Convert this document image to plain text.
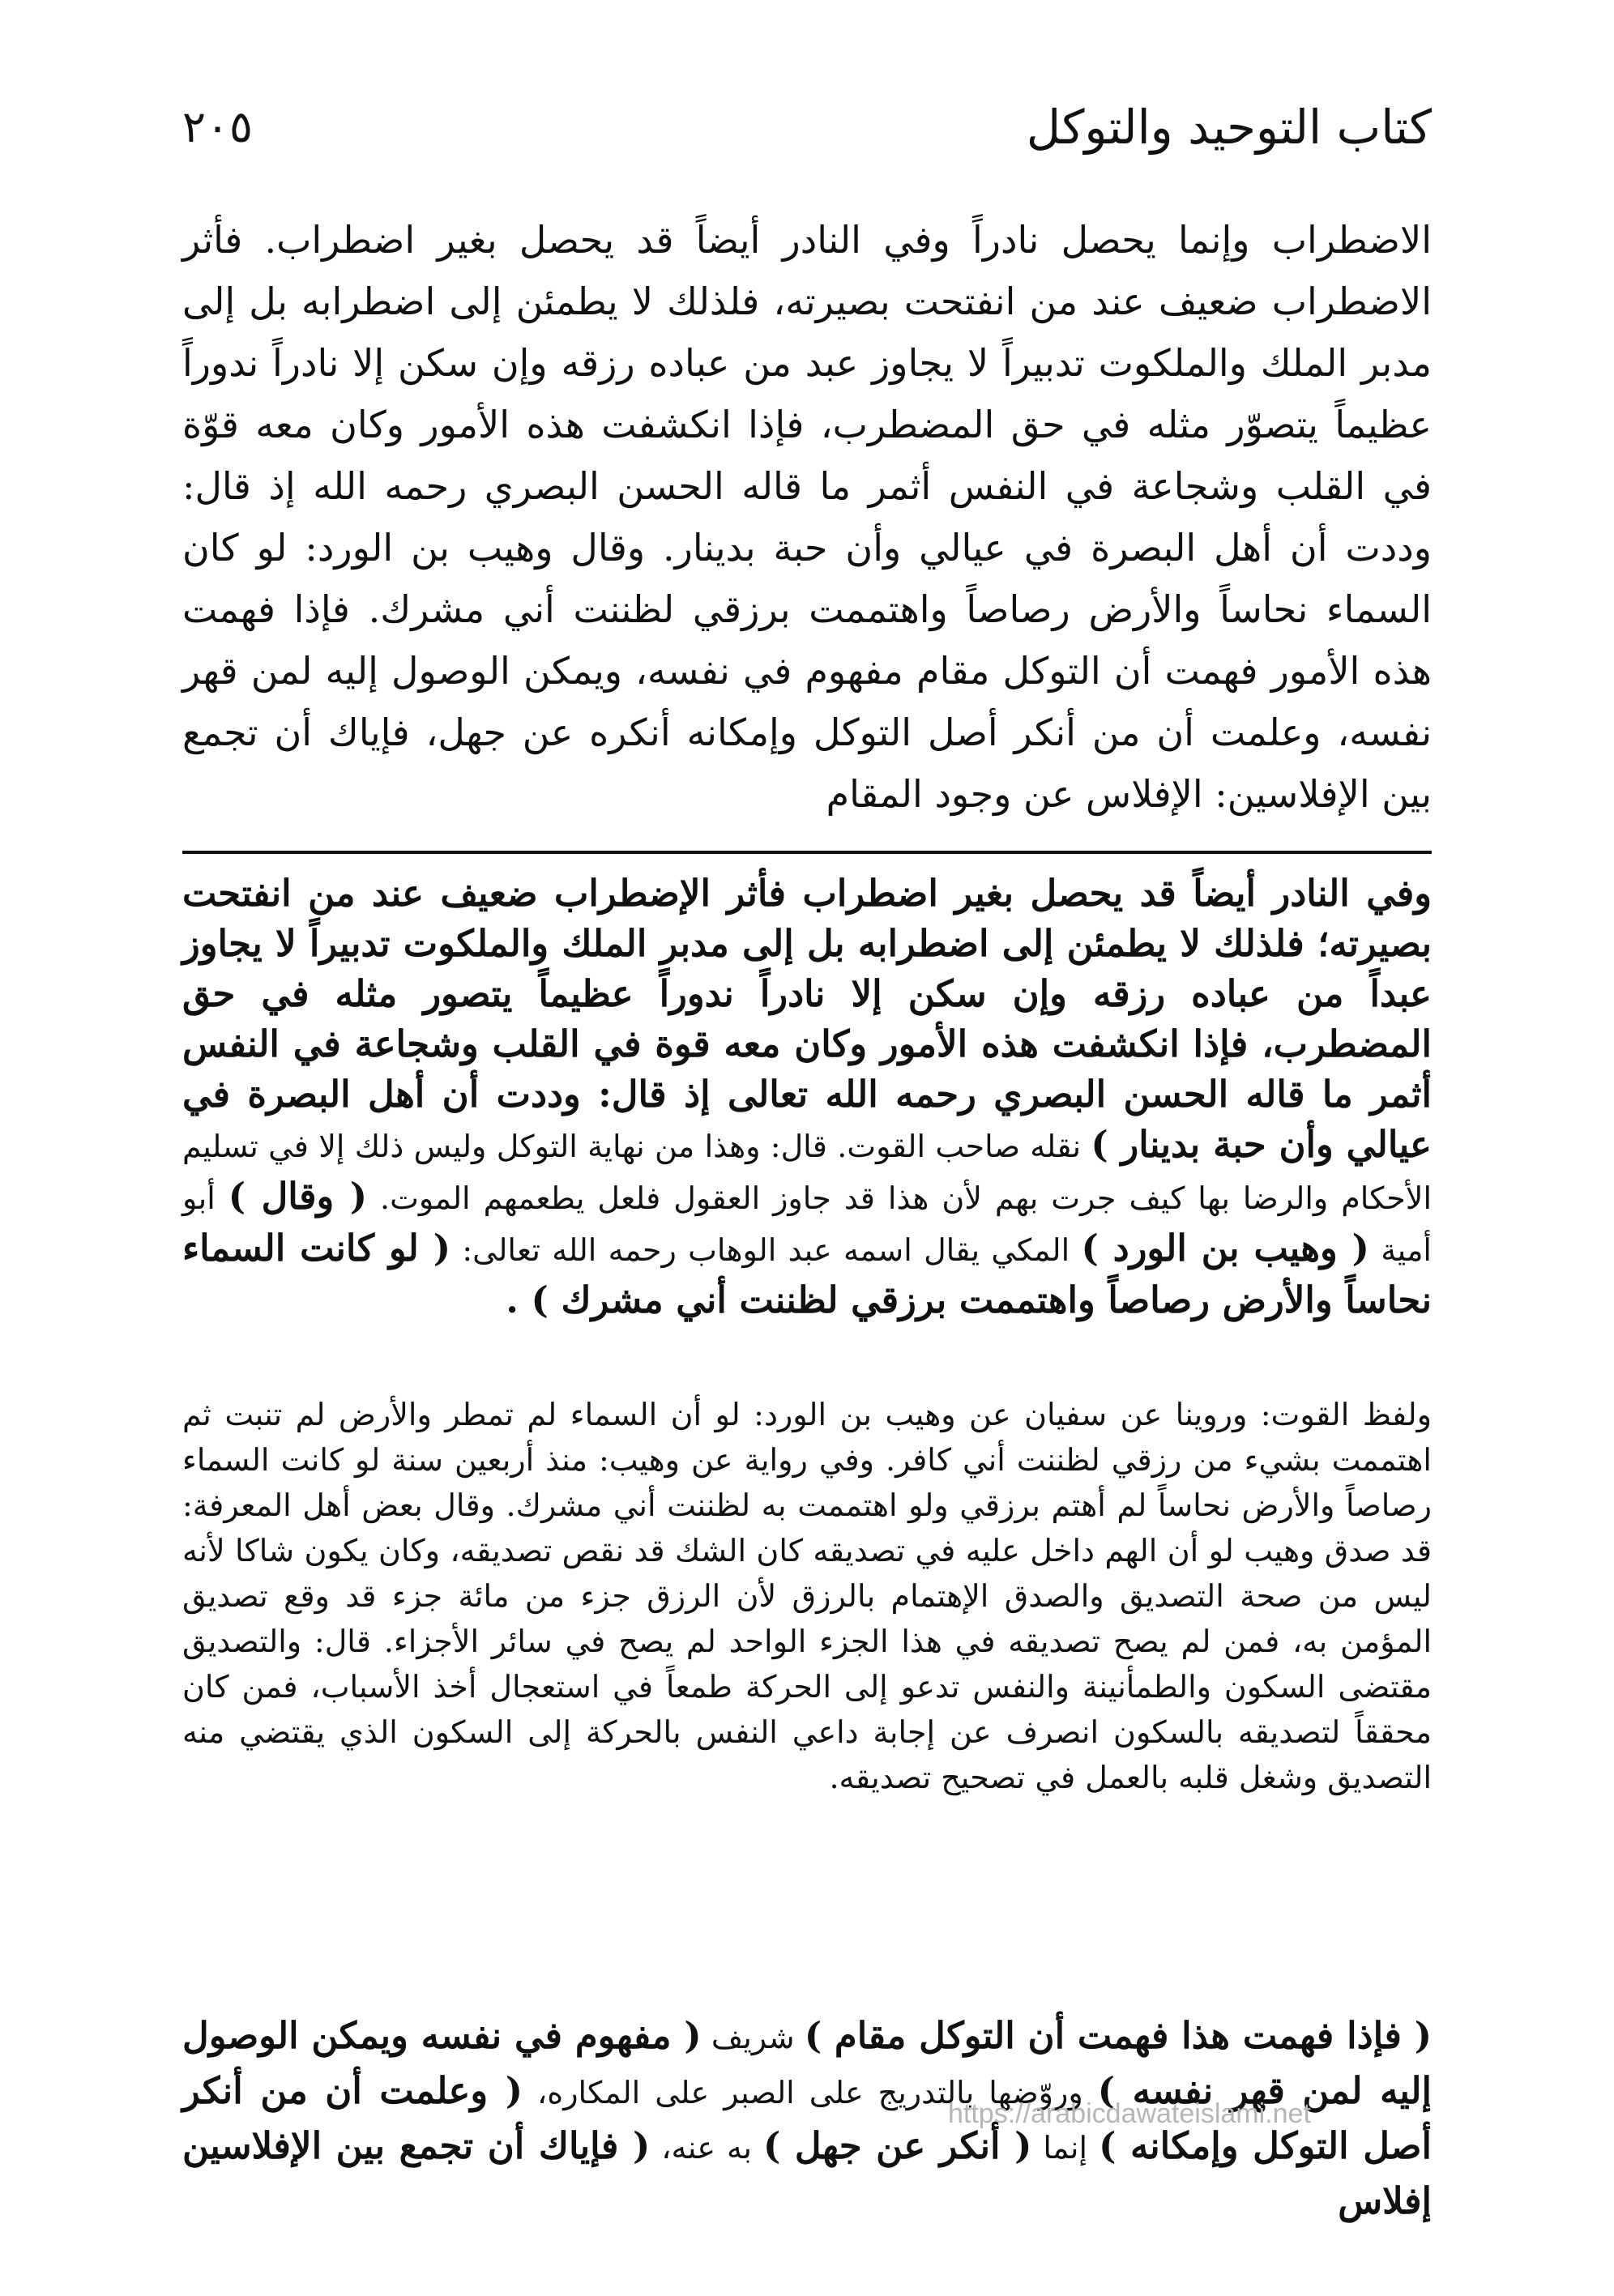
كتاب التوحيد والتوكل
٢٠٥

الاضطراب وإنما يحصل نادراً وفي النادر أيضاً قد يحصل بغير اضطراب. فأثر الاضطراب ضعيف عند من انفتحت بصيرته، فلذلك لا يطمئن إلى اضطرابه بل إلى مدبر الملك والملكوت تدبيراً لا يجاوز عبد من عباده رزقه وإن سكن إلا نادراً ندوراً عظيماً يتصوّر مثله في حق المضطرب، فإذا انكشفت هذه الأمور وكان معه قوّة في القلب وشجاعة في النفس أثمر ما قاله الحسن البصري رحمه الله إذ قال: وددت أن أهل البصرة في عيالي وأن حبة بدينار. وقال وهيب بن الورد: لو كان السماء نحاساً والأرض رصاصاً واهتممت برزقي لظننت أني مشرك. فإذا فهمت هذه الأمور فهمت أن التوكل مقام مفهوم في نفسه، ويمكن الوصول إليه لمن قهر نفسه، وعلمت أن من أنكر أصل التوكل وإمكانه أنكره عن جهل، فإياك أن تجمع بين الإفلاسين: الإفلاس عن وجود المقام

وفي النادر أيضاً قد يحصل بغير اضطراب فأثر الإضطراب ضعيف عند من انفتحت بصيرته؛ فلذلك لا يطمئن إلى اضطرابه بل إلى مدبر الملك والملكوت تدبيراً لا يجاوز عبداً من عباده رزقه وإن سكن إلا نادراً ندوراً عظيماً يتصور مثله في حق المضطرب، فإذا انكشفت هذه الأمور وكان معه قوة في القلب وشجاعة في النفس أثمر ما قاله الحسن البصري رحمه الله تعالى إذ قال: وددت أن أهل البصرة في عيالي وأن حبة بدينار ) نقله صاحب القوت. قال: وهذا من نهاية التوكل وليس ذلك إلا في تسليم الأحكام والرضا بها كيف جرت بهم لأن هذا قد جاوز العقول فلعل يطعمهم الموت. ( وقال ) أبو أمية ( وهيب بن الورد ) المكي يقال اسمه عبد الوهاب رحمه الله تعالى: ( لو كانت السماء نحاساً والأرض رصاصاً واهتممت برزقي لظننت أني مشرك ) .

ولفظ القوت: وروينا عن سفيان عن وهيب بن الورد: لو أن السماء لم تمطر والأرض لم تنبت ثم اهتممت بشيء من رزقي لظننت أني كافر. وفي رواية عن وهيب: منذ أربعين سنة لو كانت السماء رصاصاً والأرض نحاساً لم أهتم برزقي ولو اهتممت به لظننت أني مشرك. وقال بعض أهل المعرفة: قد صدق وهيب لو أن الهم داخل عليه في تصديقه كان الشك قد نقص تصديقه، وكان يكون شاكا لأنه ليس من صحة التصديق والصدق الإهتمام بالرزق لأن الرزق جزء من مائة جزء قد وقع تصديق المؤمن به، فمن لم يصح تصديقه في هذا الجزء الواحد لم يصح في سائر الأجزاء. قال: والتصديق مقتضى السكون والطمأنينة والنفس تدعو إلى الحركة طمعاً في استعجال أخذ الأسباب، فمن كان محققاً لتصديقه بالسكون انصرف عن إجابة داعي النفس بالحركة إلى السكون الذي يقتضي منه التصديق وشغل قلبه بالعمل في تصحيح تصديقه.

( فإذا فهمت هذا فهمت أن التوكل مقام ) شريف ( مفهوم في نفسه ويمكن الوصول إليه لمن قهر نفسه ) وروّضها بالتدريج على الصبر على المكاره، ( وعلمت أن من أنكر أصل التوكل وإمكانه ) إنما ( أنكر عن جهل ) به عنه، ( فإياك أن تجمع بين الإفلاسين إفلاس

https://arabicdawateislami.net
